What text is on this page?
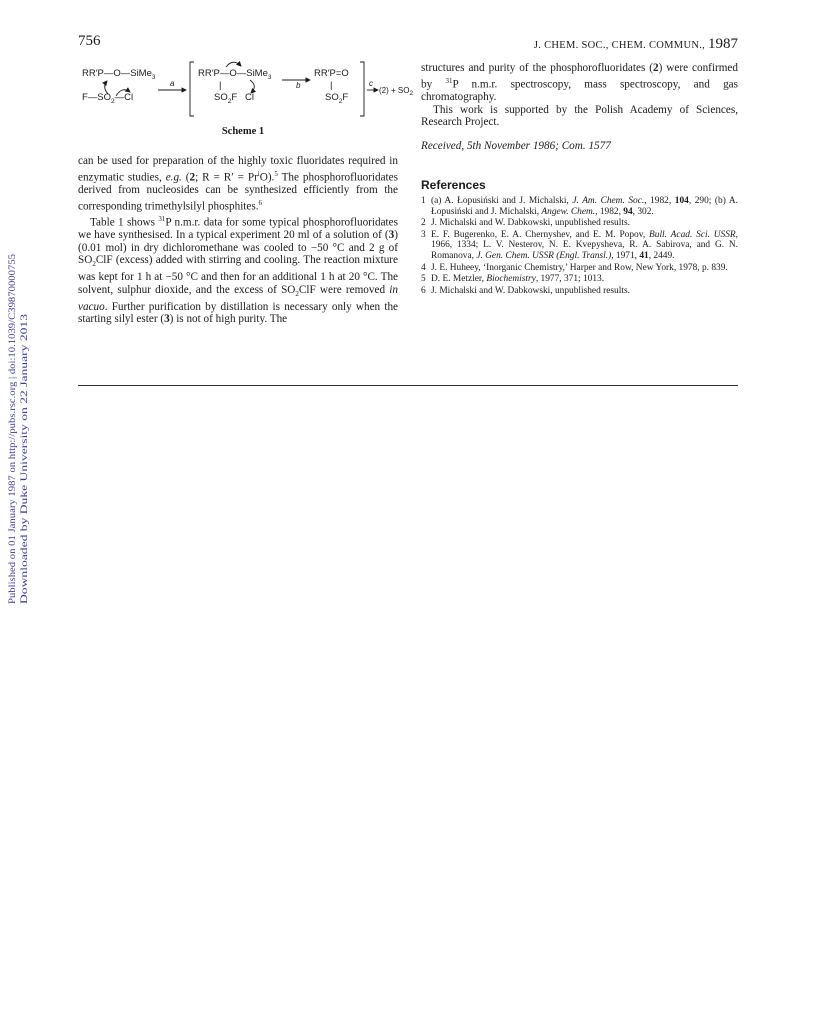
756	J. CHEM. SOC., CHEM. COMMUN., 1987
RR′P—O—SiMe$_3$
$F—SO_2—Cl$
a
RR′P—O—SiMe$_3$
|
$SO_2F$ Cl
b
RR′P=O
|
$SO_2F$
c
$(2) + SO_2$
Scheme 1

can be used for preparation of the highly toxic fluoridates required in enzymatic studies, e.g. (2; $R = R' = Pr^iO).^5$ The phosphorofluoridates derived from nucleosides can be synthesized efficiently from the corresponding trimethylsilyl phosphites.$^6$

Table 1 shows $^{31}$P n.m.r. data for some typical phosphorofluoridates we have synthesised. In a typical experiment 20 ml of a solution of (3) (0.01 mol) in dry dichloromethane was cooled to −50 °C and 2 g of $SO_2ClF$ (excess) added with stirring and cooling. The reaction mixture was kept for 1 h at −50 °C and then for an additional 1 h at 20 °C. The solvent, sulphur dioxide, and the excess of $SO_2ClF$ were removed in vacuo. Further purification by distillation is necessary only when the starting silyl ester (3) is not of high purity. The

structures and purity of the phosphorofluoridates (2) were confirmed by $^{31}$P n.m.r. spectroscopy, mass spectroscopy, and gas chromatography.

This work is supported by the Polish Academy of Sciences, Research Project.

Received, 5th November 1986; Com. 1577
References
1 (a) A. Łopusiński and J. Michalski, J. Am. Chem. Soc., 1982, 104, 290; (b) A. Łopusiński and J. Michalski, Angew. Chem., 1982, 94, 302.
2 J. Michalski and W. Dabkowski, unpublished results.
3 E. F. Bugerenko, E. A. Chernyshev, and E. M. Popov, Bull. Acad. Sci. USSR, 1966, 1334; L. V. Nesterov, N. E. Kvepysheva, R. A. Sabirova, and G. N. Romanova, J. Gen. Chem. USSR (Engl. Transl.), 1971, 41, 2449.
4 J. E. Huheey, ‘Inorganic Chemistry,’ Harper and Row, New York, 1978, p. 839.
5 D. E. Metzler, Biochemistry, 1977, 371; 1013.
6 J. Michalski and W. Dabkowski, unpublished results.
Published on 01 January 1987 on http://pubs.rsc.org | doi:10.1039/C39870000755 Downloaded by Duke University on 22 January 2013
